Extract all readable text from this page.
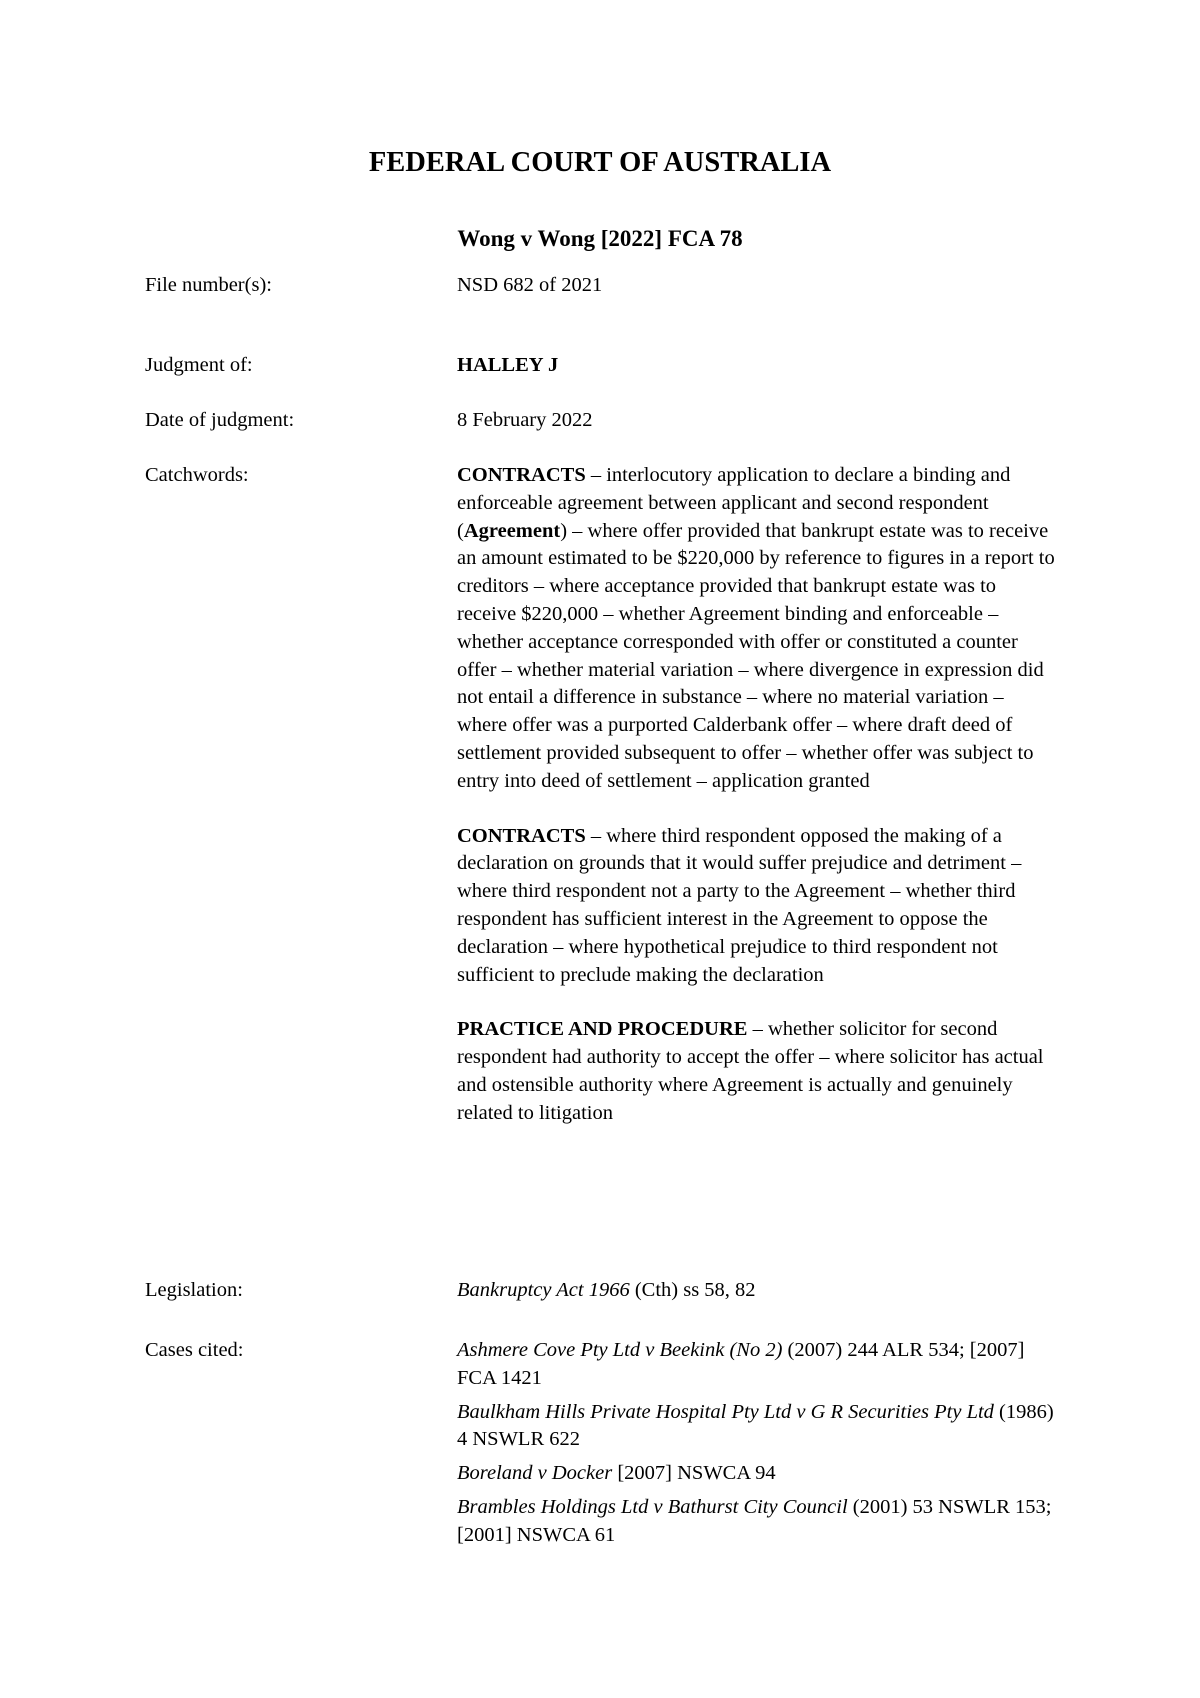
FEDERAL COURT OF AUSTRALIA
Wong v Wong [2022] FCA 78
File number(s):	NSD 682 of 2021
Judgment of:	HALLEY J
Date of judgment:	8 February 2022
Catchwords:	CONTRACTS – interlocutory application to declare a binding and enforceable agreement between applicant and second respondent (Agreement) – where offer provided that bankrupt estate was to receive an amount estimated to be $220,000 by reference to figures in a report to creditors – where acceptance provided that bankrupt estate was to receive $220,000 – whether Agreement binding and enforceable – whether acceptance corresponded with offer or constituted a counter offer – whether material variation – where divergence in expression did not entail a difference in substance – where no material variation – where offer was a purported Calderbank offer – where draft deed of settlement provided subsequent to offer – whether offer was subject to entry into deed of settlement – application granted

CONTRACTS – where third respondent opposed the making of a declaration on grounds that it would suffer prejudice and detriment – where third respondent not a party to the Agreement – whether third respondent has sufficient interest in the Agreement to oppose the declaration – where hypothetical prejudice to third respondent not sufficient to preclude making the declaration

PRACTICE AND PROCEDURE – whether solicitor for second respondent had authority to accept the offer – where solicitor has actual and ostensible authority where Agreement is actually and genuinely related to litigation

Legislation:	Bankruptcy Act 1966 (Cth) ss 58, 82
Cases cited:	Ashmere Cove Pty Ltd v Beekink (No 2) (2007) 244 ALR 534; [2007] FCA 1421

Baulkham Hills Private Hospital Pty Ltd v G R Securities Pty Ltd (1986) 4 NSWLR 622

Boreland v Docker [2007] NSWCA 94

Brambles Holdings Ltd v Bathurst City Council (2001) 53 NSWLR 153; [2001] NSWCA 61
